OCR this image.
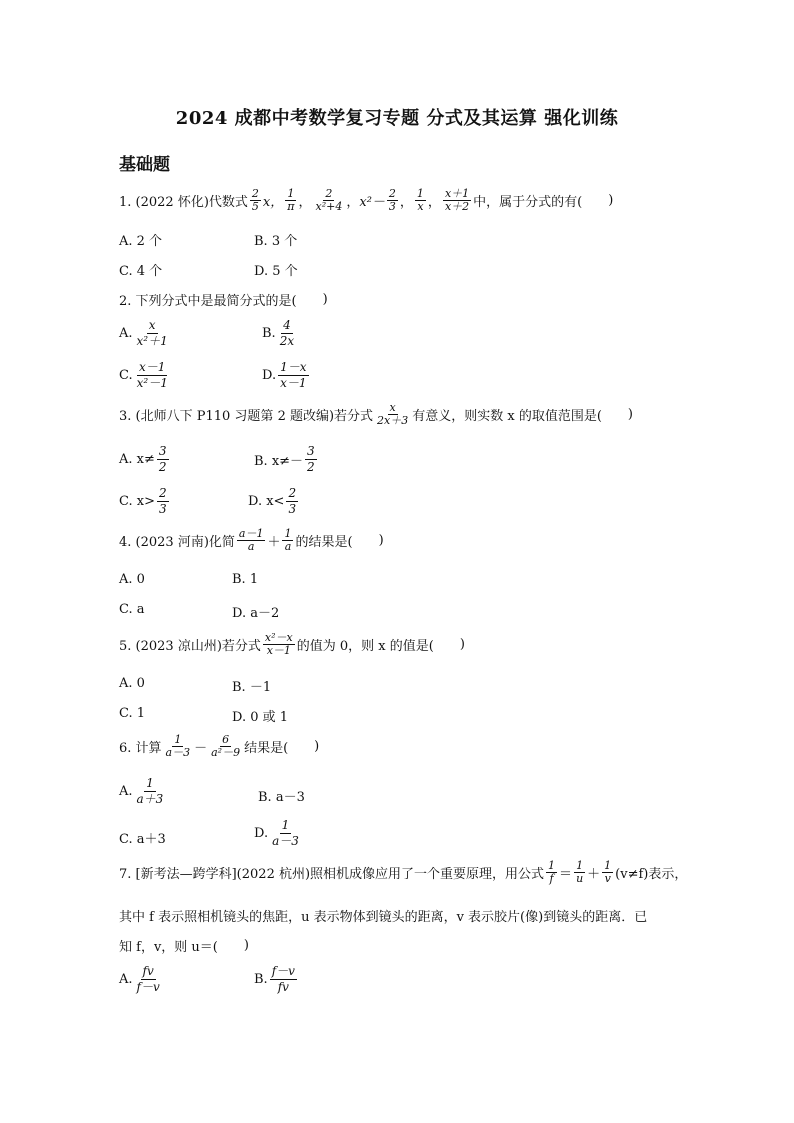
2024 成都中考数学复习专题 分式及其运算 强化训练
基础题
1. (2022 怀化)代数式 $\frac{2}{5}$ x， $\frac{1}{\pi}$ ， $\frac{2}{\text{x²+4}}$ ， $x^2- \frac{2}{3}$ ， $\frac{1}{x}$ ， $\frac{x+1}{x+2}$ 中，属于分式的有( )
A. 2 个	B. 3 个
C. 4 个	D. 5 个
2. 下列分式中是最简分式的是( )
A. $\frac{x}{\text{x²＋1}}$	B. $\frac{4}{2x}$
C. $\frac{x-1}{\text{x²－1}}$	D. $\frac{1-x}{x-1}$
3. (北师八下 P110 习题第 2 题改编)若分式 $\frac{x}{2x+3}$ 有意义，则实数 x 的取值范围是( )
A. $x\ne \frac{3}{2}$	B. $x\ne- \frac{3}{2}$
C. $x> \frac{2}{3}$	D. $x< \frac{2}{3}$
4. (2023 河南)化简 $\frac{a-1}{a} + \frac{1}{a}$ 的结果是( )
A. 0	B. 1
C. a	D. a－2
5. (2023 凉山州)若分式 $\frac{\text{x²－x}}{x-1}$ 的值为 0，则 x 的值是( )
A. 0	B. －1
C. 1	D. 0 或 1
6. 计算 $\frac{1}{a-3} - \frac{6}{\text{a²－9}}$ 结果是( )
A. $\frac{1}{a+3}$	B. a－3
C. a＋3	D. $\frac{1}{a-3}$
7. [新考法—跨学科](2022 杭州)照相机成像应用了一个重要原理，用公式 $\frac{1}{f} = \frac{1}{u} + \frac{1}{v} (v\ne f)$表示，
其中 f 表示照相机镜头的焦距，u 表示物体到镜头的距离，v 表示胶片(像)到镜头的距离．已
知 f，v，则 u＝( )
A. $\frac{fv}{f-v}$	B. $\frac{f-v}{fv}$
